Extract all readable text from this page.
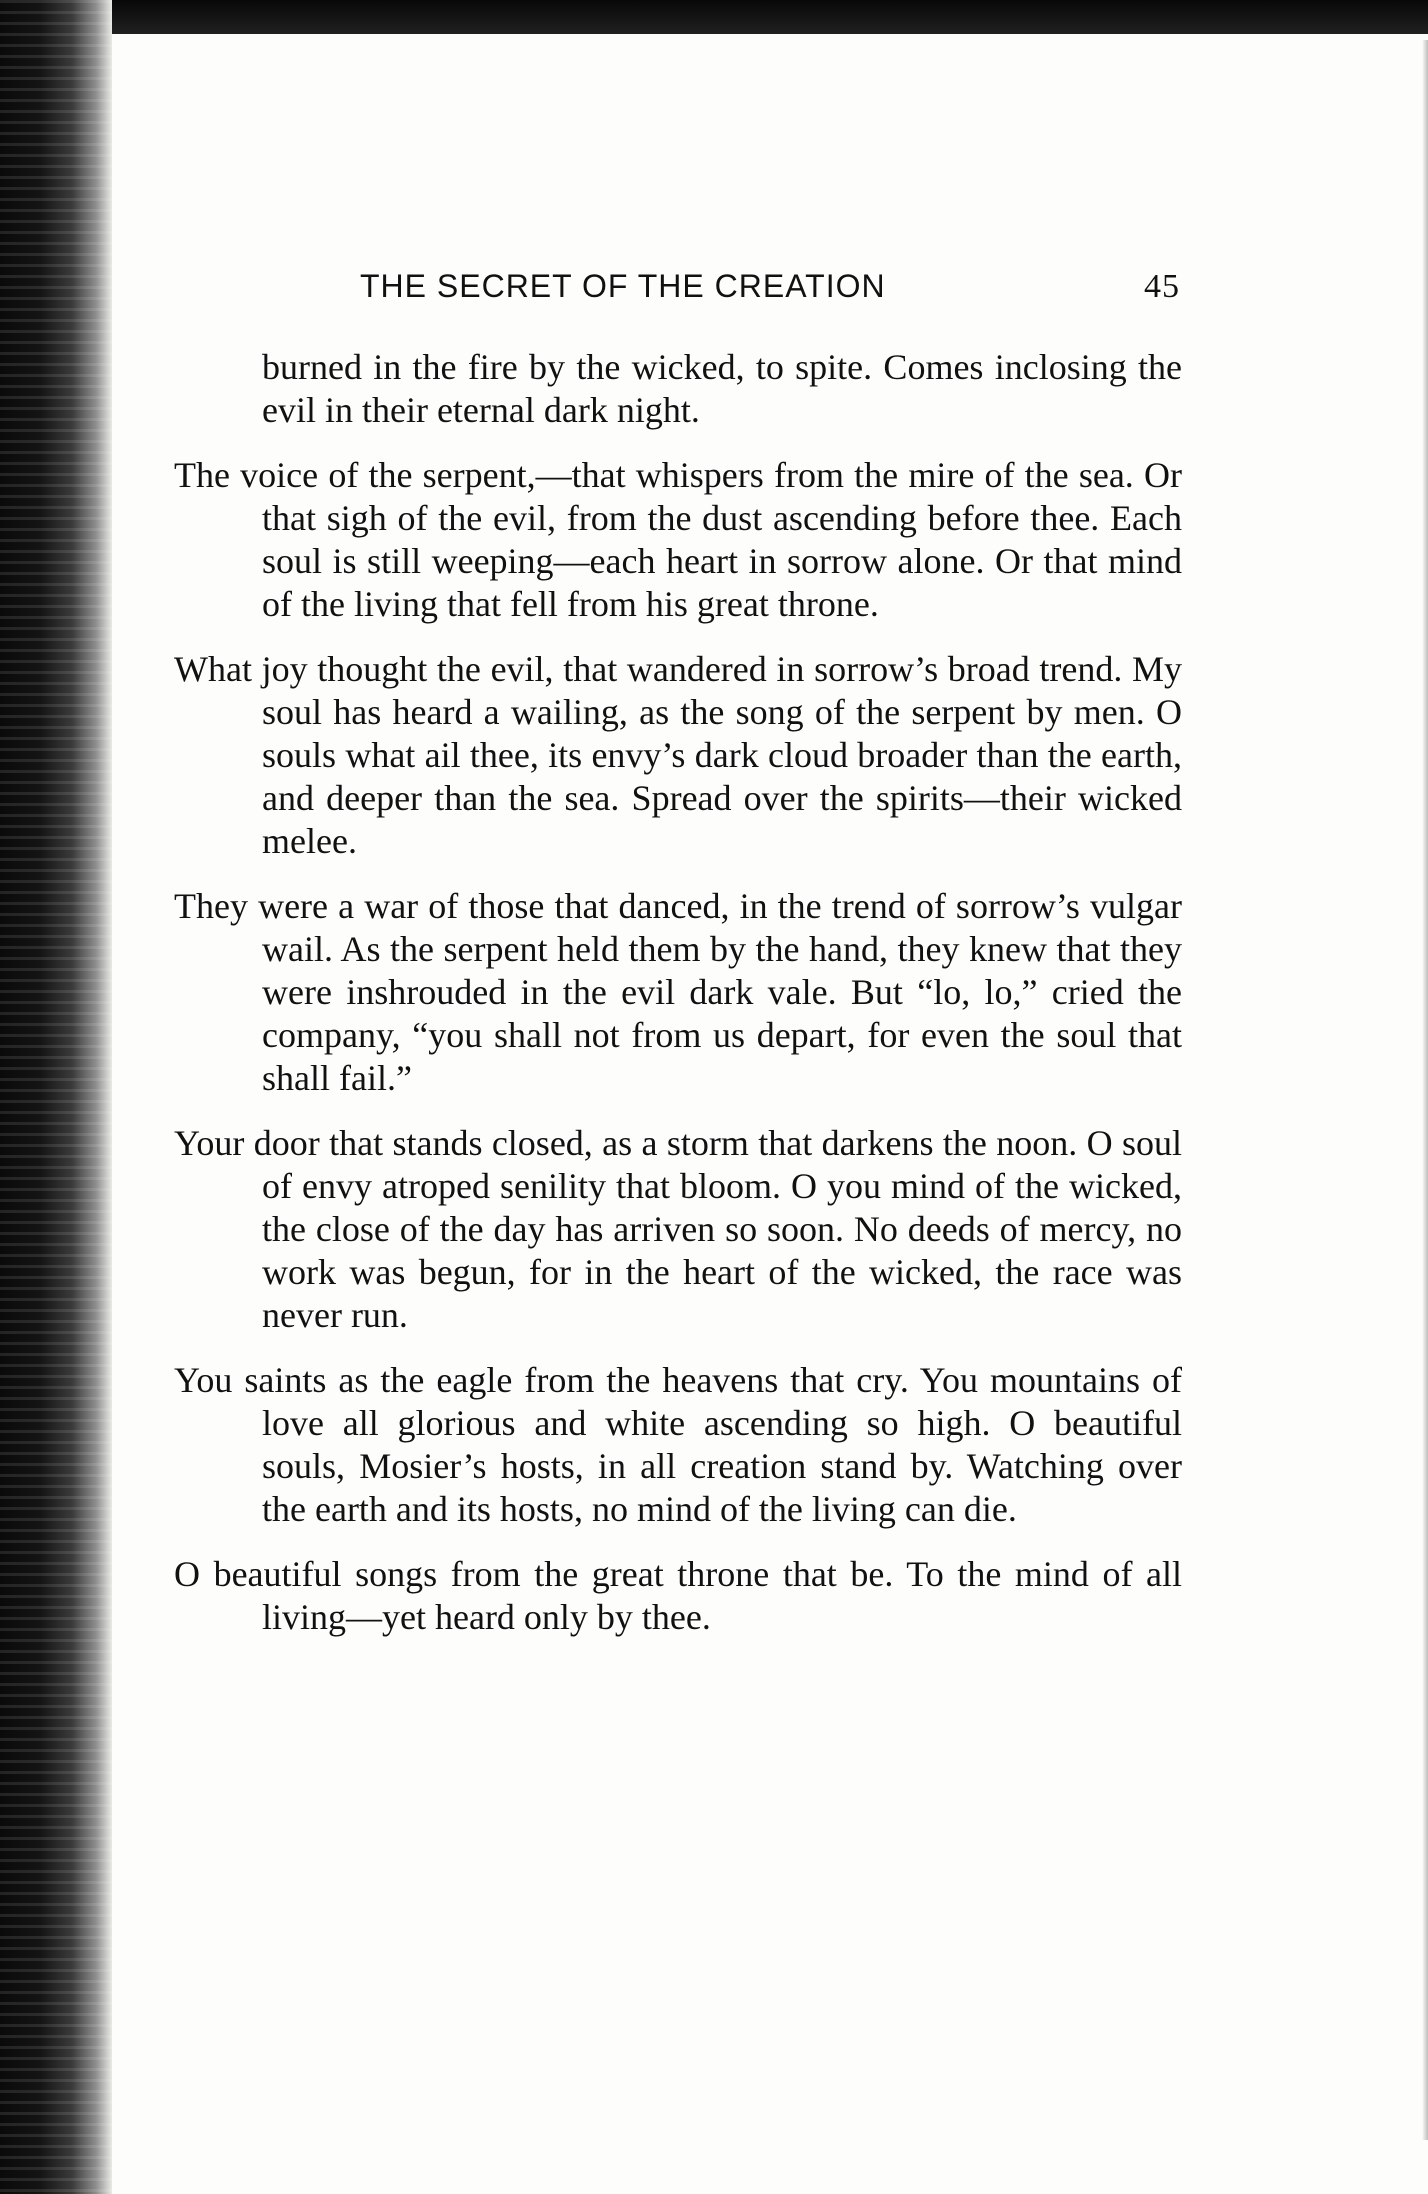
THE SECRET OF THE CREATION	45

burned in the fire by the wicked, to spite. Comes inclosing the evil in their eternal dark night.

The voice of the serpent,—that whispers from the mire of the sea. Or that sigh of the evil, from the dust ascending before thee. Each soul is still weeping—each heart in sorrow alone. Or that mind of the living that fell from his great throne.

What joy thought the evil, that wandered in sorrow’s broad trend. My soul has heard a wailing, as the song of the serpent by men. O souls what ail thee, its envy’s dark cloud broader than the earth, and deeper than the sea. Spread over the spirits—their wicked melee.

They were a war of those that danced, in the trend of sorrow’s vulgar wail. As the serpent held them by the hand, they knew that they were inshrouded in the evil dark vale. But “lo, lo,” cried the company, “you shall not from us depart, for even the soul that shall fail.”

Your door that stands closed, as a storm that darkens the noon. O soul of envy atroped senility that bloom. O you mind of the wicked, the close of the day has arriven so soon. No deeds of mercy, no work was begun, for in the heart of the wicked, the race was never run.

You saints as the eagle from the heavens that cry. You mountains of love all glorious and white ascending so high. O beautiful souls, Mosier’s hosts, in all creation stand by. Watching over the earth and its hosts, no mind of the living can die.

O beautiful songs from the great throne that be. To the mind of all living—yet heard only by thee.
